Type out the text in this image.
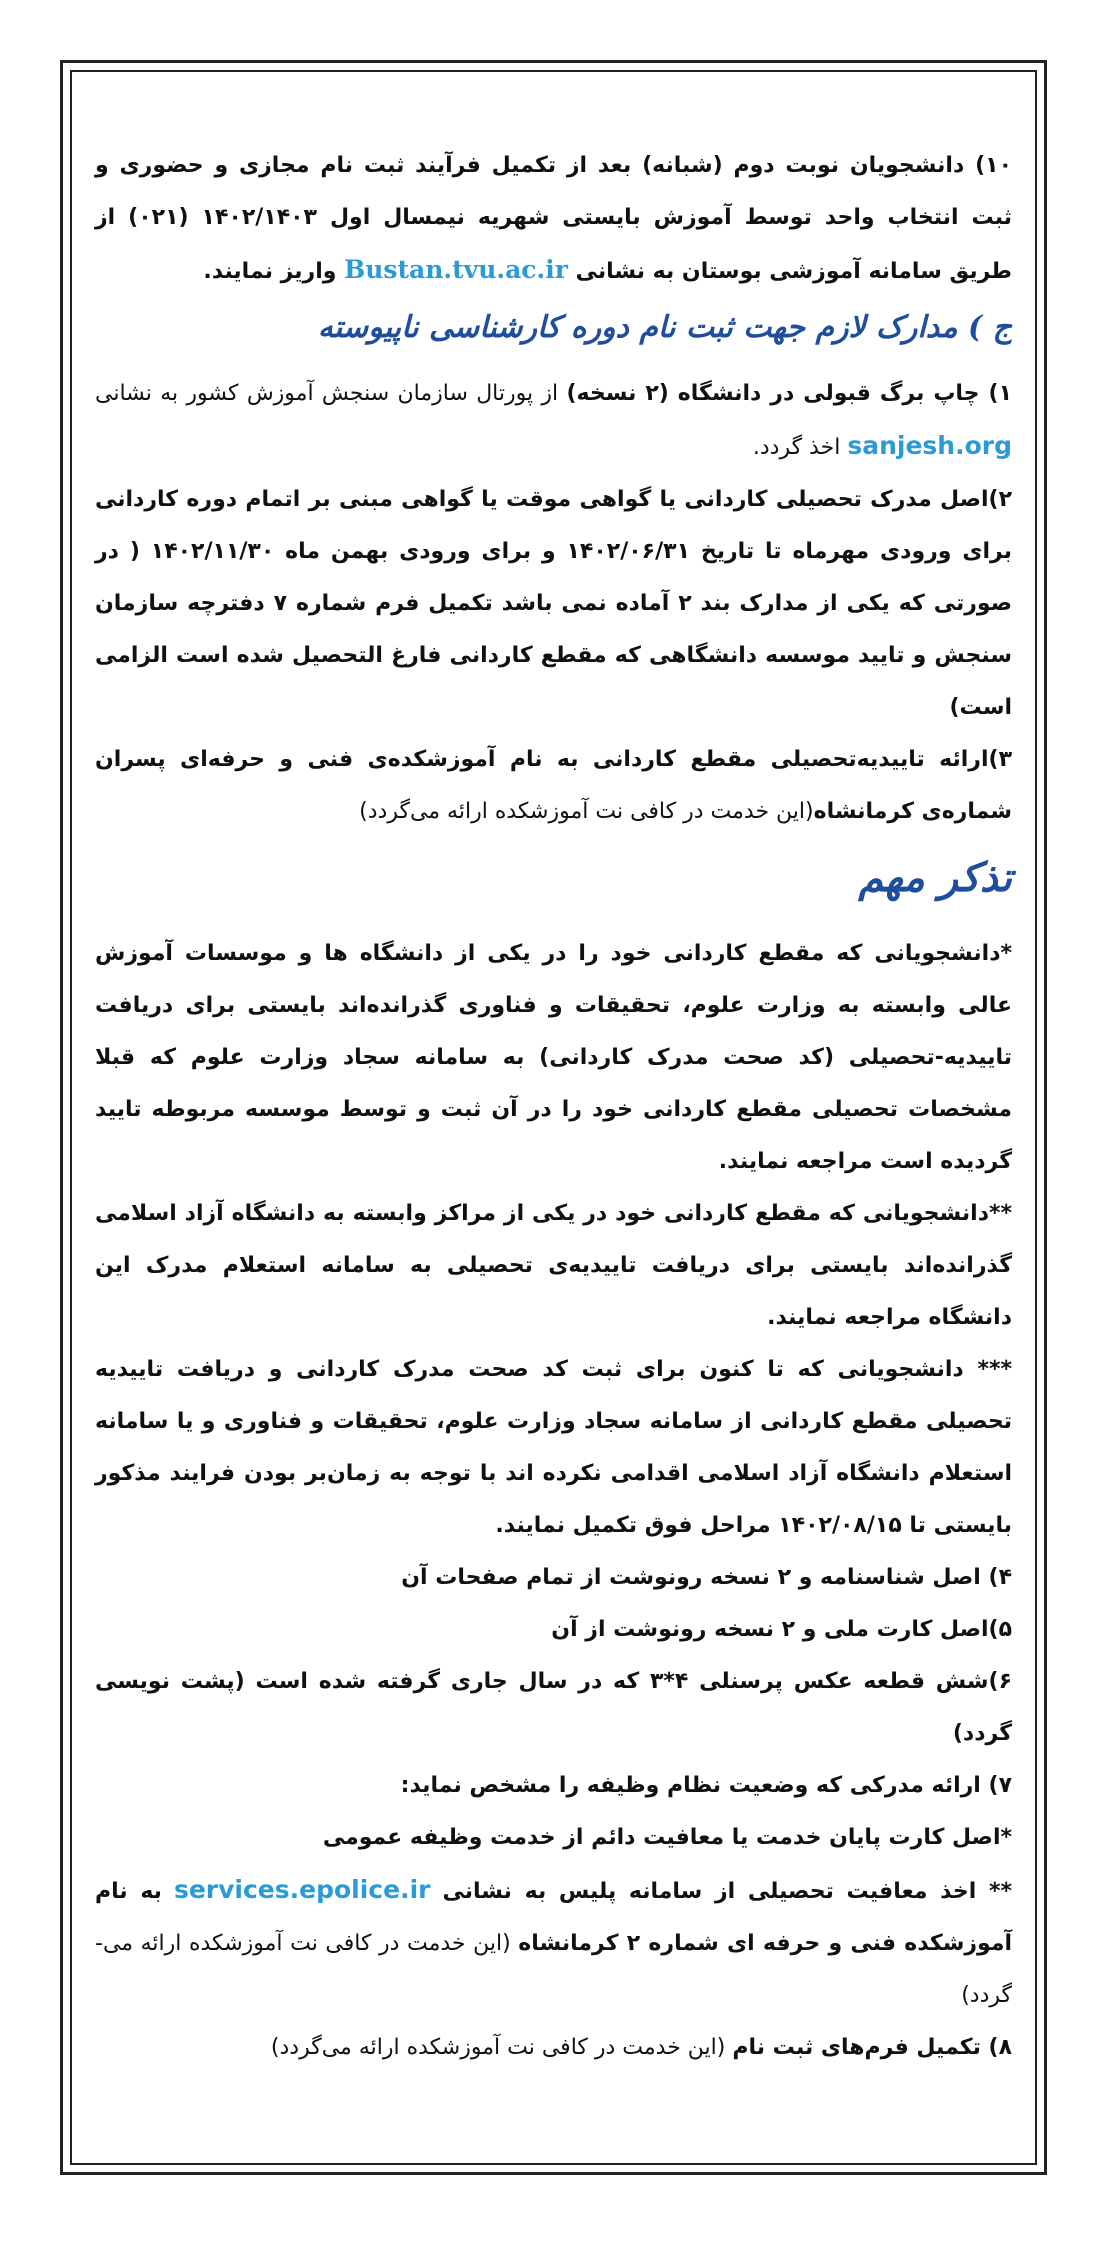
۱۰) دانشجویان نوبت دوم (شبانه) بعد از تکمیل فرآیند ثبت نام مجازی و حضوری و ثبت انتخاب واحد توسط آموزش بایستی شهریه نیمسال اول ۱۴۰۲/۱۴۰۳ (۰۲۱) از طریق سامانه آموزشی بوستان به نشانی Bustan.tvu.ac.ir واریز نمایند.

ج ) مدارک لازم جهت ثبت نام دوره کارشناسی ناپیوسته

۱) چاپ برگ قبولی در دانشگاه (۲ نسخه) از پورتال سازمان سنجش آموزش کشور به نشانی sanjesh.org اخذ گردد.

۲)اصل مدرک تحصیلی کاردانی یا گواهی موقت یا گواهی مبنی بر اتمام دوره کاردانی برای ورودی مهرماه تا تاریخ ۱۴۰۲/۰۶/۳۱ و برای ورودی بهمن ماه ۱۴۰۲/۱۱/۳۰ ( در صورتی که یکی از مدارک بند ۲ آماده نمی باشد تکمیل فرم شماره ۷ دفترچه سازمان سنجش و تایید موسسه دانشگاهی که مقطع کاردانی فارغ التحصیل شده است الزامی است)

۳)ارائه تاییدیه‌تحصیلی مقطع کاردانی به نام آموزشکده‌ی فنی و حرفه‌ای پسران شماره‌ی کرمانشاه(این خدمت در کافی نت آموزشکده ارائه می‌گردد)

تذکر مهم

*دانشجویانی که مقطع کاردانی خود را در یکی از دانشگاه ها و موسسات آموزش عالی وابسته به وزارت علوم، تحقیقات و فناوری گذرانده‌اند بایستی برای دریافت تاییدیه-تحصیلی (کد صحت مدرک کاردانی) به سامانه سجاد وزارت علوم که قبلا مشخصات تحصیلی مقطع کاردانی خود را در آن ثبت و توسط موسسه مربوطه تایید گردیده است مراجعه نمایند.

**دانشجویانی که مقطع کاردانی خود در یکی از مراکز وابسته به دانشگاه آزاد اسلامی گذرانده‌اند بایستی برای دریافت تاییدیه‌ی تحصیلی به سامانه استعلام مدرک این دانشگاه مراجعه نمایند.

*** دانشجویانی که تا کنون برای ثبت کد صحت مدرک کاردانی و دریافت تاییدیه تحصیلی مقطع کاردانی از سامانه سجاد وزارت علوم، تحقیقات و فناوری و یا سامانه استعلام دانشگاه آزاد اسلامی اقدامی نکرده اند با توجه به زمان‌بر بودن فرایند مذکور بایستی تا ۱۴۰۲/۰۸/۱۵ مراحل فوق تکمیل نمایند.

۴) اصل شناسنامه و ۲ نسخه رونوشت از تمام صفحات آن

۵)اصل کارت ملی و ۲ نسخه رونوشت از آن

۶)شش قطعه عکس پرسنلی ۴*۳ که در سال جاری گرفته شده است (پشت نویسی گردد)

۷) ارائه مدرکی که وضعیت نظام وظیفه را مشخص نماید:

*اصل کارت پایان خدمت یا معافیت دائم از خدمت وظیفه عمومی

** اخذ معافیت تحصیلی از سامانه پلیس به نشانی services.epolice.ir به نام آموزشکده فنی و حرفه ای شماره ۲ کرمانشاه (این خدمت در کافی نت آموزشکده ارائه می-گردد)

۸) تکمیل فرم‌های ثبت نام (این خدمت در کافی نت آموزشکده ارائه می‌گردد)
